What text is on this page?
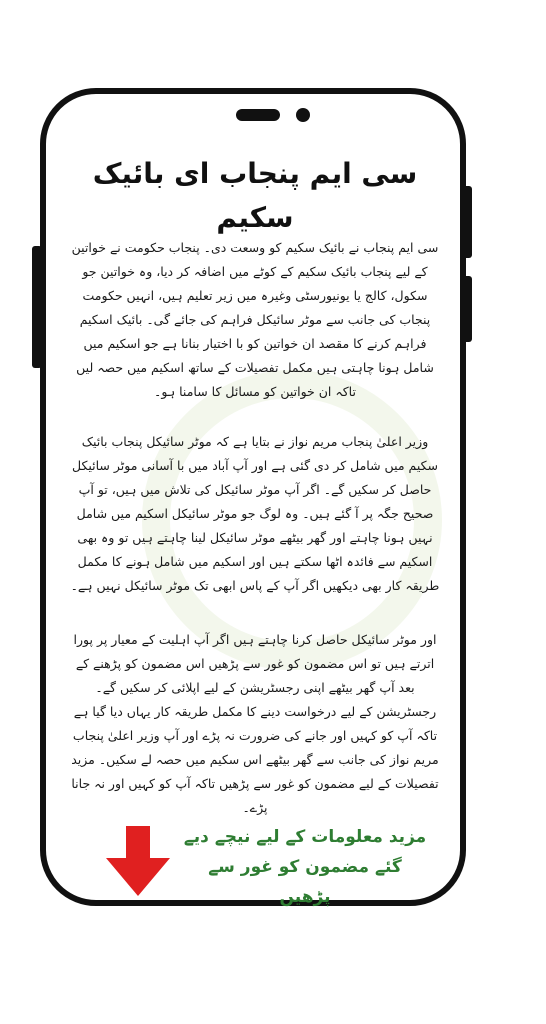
سی ایم پنجاب ای بائیک سکیم

سی ایم پنجاب نے بائیک سکیم کو وسعت دی۔ پنجاب حکومت نے خواتین کے لیے پنجاب بائیک سکیم کے کوٹے میں اضافہ کر دیا، وہ خواتین جو سکول، کالج یا یونیورسٹی وغیرہ میں زیر تعلیم ہیں، انہیں حکومت پنجاب کی جانب سے موٹر سائیکل فراہم کی جائے گی۔ بائیک اسکیم فراہم کرنے کا مقصد ان خواتین کو با اختیار بنانا ہے جو اسکیم میں شامل ہونا چاہتی ہیں مکمل تفصیلات کے ساتھ اسکیم میں حصہ لیں تاکہ ان خواتین کو مسائل کا سامنا ہو۔

وزیر اعلیٰ پنجاب مریم نواز نے بتایا ہے کہ موٹر سائیکل پنجاب بائیک سکیم میں شامل کر دی گئی ہے اور آپ آباد میں با آسانی موٹر سائیکل حاصل کر سکیں گے۔ اگر آپ موٹر سائیکل کی تلاش میں ہیں، تو آپ صحیح جگہ پر آ گئے ہیں۔ وہ لوگ جو موٹر سائیکل اسکیم میں شامل نہیں ہونا چاہتے اور گھر بیٹھے موٹر سائیکل لینا چاہتے ہیں تو وہ بھی اسکیم سے فائدہ اٹھا سکتے ہیں اور اسکیم میں شامل ہونے کا مکمل طریقہ کار بھی دیکھیں اگر آپ کے پاس ابھی تک موٹر سائیکل نہیں ہے۔

اور موٹر سائیکل حاصل کرنا چاہتے ہیں اگر آپ اہلیت کے معیار پر پورا اترتے ہیں تو اس مضمون کو غور سے پڑھیں اس مضمون کو پڑھنے کے بعد آپ گھر بیٹھے اپنی رجسٹریشن کے لیے اپلائی کر سکیں گے۔ رجسٹریشن کے لیے درخواست دینے کا مکمل طریقہ کار یہاں دیا گیا ہے تاکہ آپ کو کہیں اور جانے کی ضرورت نہ پڑے اور آپ وزیر اعلیٰ پنجاب مریم نواز کی جانب سے گھر بیٹھے اس سکیم میں حصہ لے سکیں۔ مزید تفصیلات کے لیے مضمون کو غور سے پڑھیں تاکہ آپ کو کہیں اور نہ جانا پڑے۔

مزید معلومات کے لیے نیچے دیے گئے مضمون کو غور سے پڑھیں
